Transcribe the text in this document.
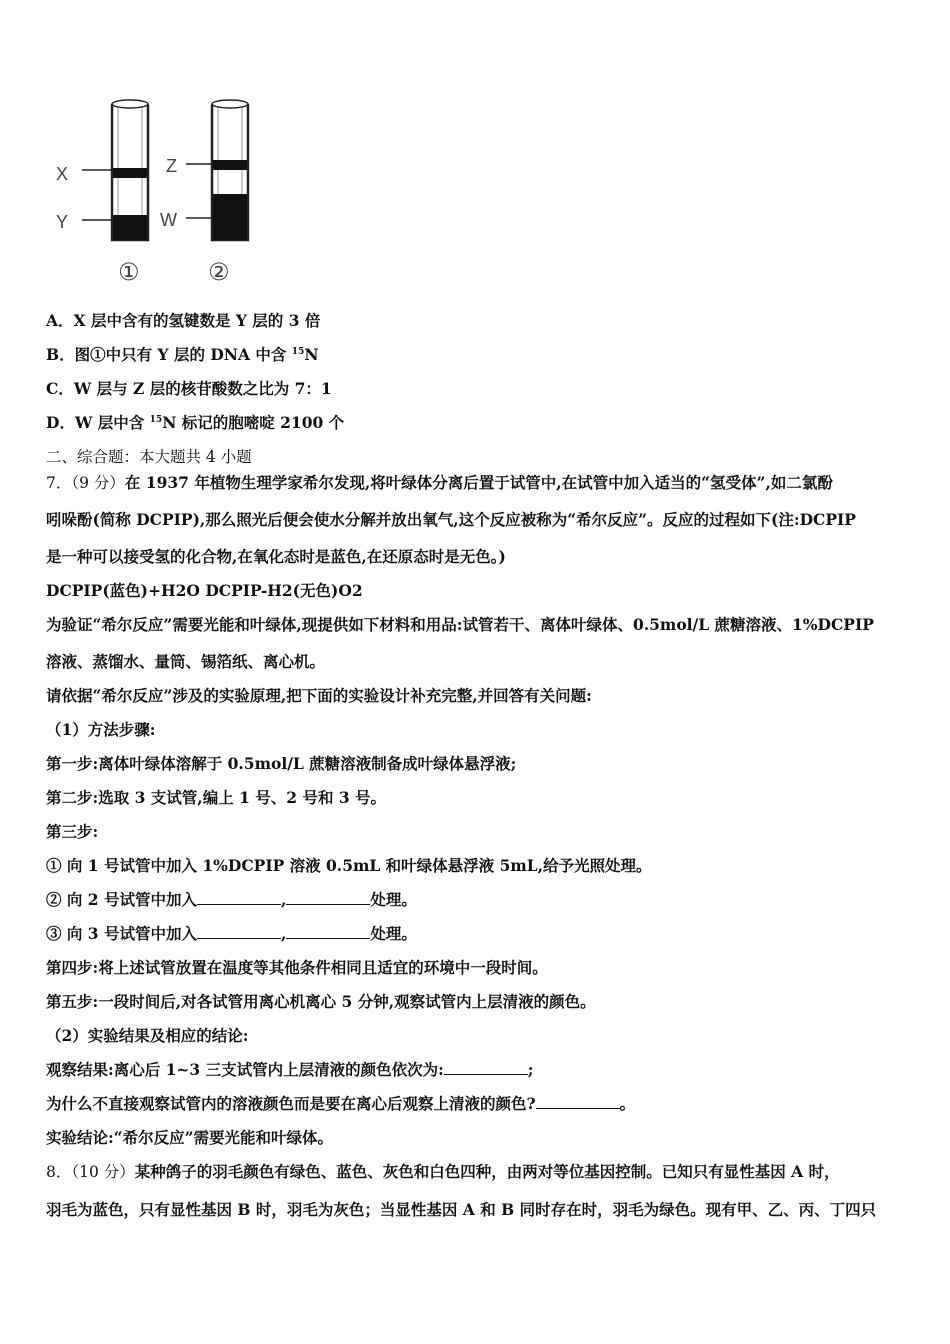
X
Y
Z
W
①	②
A．X 层中含有的氢键数是 Y 层的 3 倍
B．图①中只有 Y 层的 DNA 中含 $^{15}$N
C．W 层与 Z 层的核苷酸数之比为 7：1
D．W 层中含 $^{15}$N 标记的胞嘧啶 2100 个
二、综合题：本大题共 4 小题
7．（9 分）在 1937 年植物生理学家希尔发现,将叶绿体分离后置于试管中,在试管中加入适当的“氢受体”,如二氯酚
吲哚酚(简称 DCPIP),那么照光后便会使水分解并放出氧气,这个反应被称为“希尔反应”。反应的过程如下(注:DCPIP
是一种可以接受氢的化合物,在氧化态时是蓝色,在还原态时是无色。)
DCPIP(蓝色)+H2O DCPIP-H2(无色)O2
为验证“希尔反应”需要光能和叶绿体,现提供如下材料和用品:试管若干、离体叶绿体、0.5mol/L 蔗糖溶液、1%DCPIP
溶液、蒸馏水、量筒、锡箔纸、离心机。
请依据“希尔反应”涉及的实验原理,把下面的实验设计补充完整,并回答有关问题:
（1）方法步骤:
第一步:离体叶绿体溶解于 0.5mol/L 蔗糖溶液制备成叶绿体悬浮液;
第二步:选取 3 支试管,编上 1 号、2 号和 3 号。
第三步:
① 向 1 号试管中加入 1%DCPIP 溶液 0.5mL 和叶绿体悬浮液 5mL,给予光照处理。
② 向 2 号试管中加入	,	处理。
③ 向 3 号试管中加入	,	处理。
第四步:将上述试管放置在温度等其他条件相同且适宜的环境中一段时间。
第五步:一段时间后,对各试管用离心机离心 5 分钟,观察试管内上层清液的颜色。
（2）实验结果及相应的结论:
观察结果:离心后 1~3 三支试管内上层清液的颜色依次为:	;
为什么不直接观察试管内的溶液颜色而是要在离心后观察上清液的颜色?	。
实验结论:“希尔反应”需要光能和叶绿体。
8．（10 分）某种鸽子的羽毛颜色有绿色、蓝色、灰色和白色四种，由两对等位基因控制。已知只有显性基因 A 时，
羽毛为蓝色，只有显性基因 B 时，羽毛为灰色；当显性基因 A 和 B 同时存在时，羽毛为绿色。现有甲、乙、丙、丁四只
